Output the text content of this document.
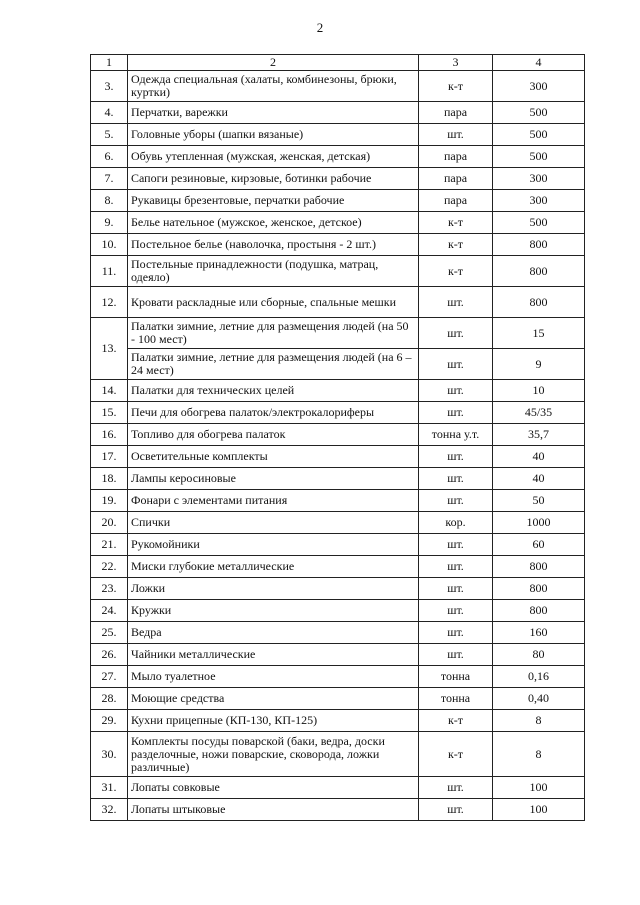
2
1	2	3	4
3.	Одежда специальная (халаты, комбинезоны, брюки, куртки)	к-т	300
4.	Перчатки, варежки	пара	500
5.	Головные уборы (шапки вязаные)	шт.	500
6.	Обувь утепленная (мужская, женская, детская)	пара	500
7.	Сапоги резиновые, кирзовые, ботинки рабочие	пара	300
8.	Рукавицы брезентовые, перчатки рабочие	пара	300
9.	Белье нательное (мужское, женское, детское)	к-т	500
10.	Постельное белье (наволочка, простыня - 2 шт.)	к-т	800
11.	Постельные принадлежности (подушка, матрац, одеяло)	к-т	800
12.	Кровати раскладные или сборные, спальные мешки	шт.	800
13.	Палатки зимние, летние для размещения людей (на 50 - 100 мест)	шт.	15
	Палатки зимние, летние для размещения людей (на 6 – 24 мест)	шт.	9
14.	Палатки для технических целей	шт.	10
15.	Печи для обогрева палаток/электрокалориферы	шт.	45/35
16.	Топливо для обогрева палаток	тонна у.т.	35,7
17.	Осветительные комплекты	шт.	40
18.	Лампы керосиновые	шт.	40
19.	Фонари с элементами питания	шт.	50
20.	Спички	кор.	1000
21.	Рукомойники	шт.	60
22.	Миски глубокие металлические	шт.	800
23.	Ложки	шт.	800
24.	Кружки	шт.	800
25.	Ведра	шт.	160
26.	Чайники металлические	шт.	80
27.	Мыло туалетное	тонна	0,16
28.	Моющие средства	тонна	0,40
29.	Кухни прицепные (КП-130, КП-125)	к-т	8
30.	Комплекты посуды поварской (баки, ведра, доски разделочные, ножи поварские, сковорода, ложки различные)	к-т	8
31.	Лопаты совковые	шт.	100
32.	Лопаты штыковые	шт.	100
